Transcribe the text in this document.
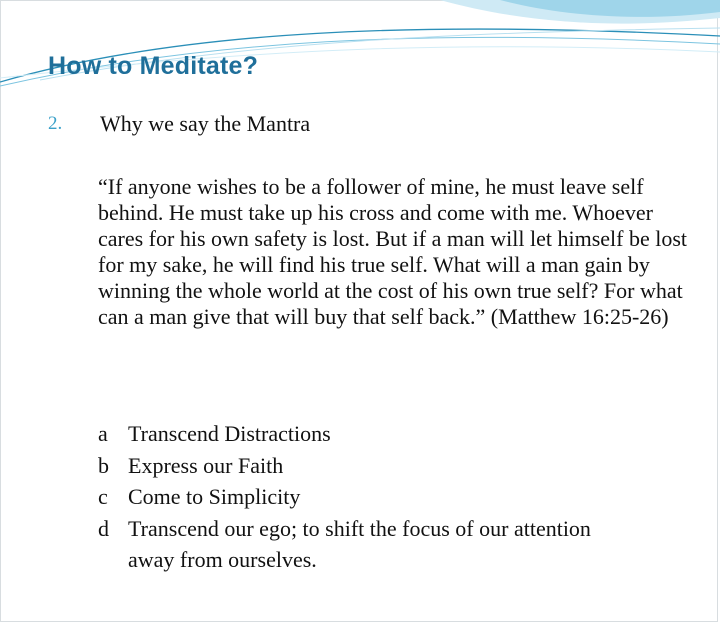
How to Meditate?
2. Why we say the Mantra

“If anyone wishes to be a follower of mine, he must leave self behind. He must take up his cross and come with me. Whoever cares for his own safety is lost. But if a man will let himself be lost for my sake, he will find his true self. What will a man gain by winning the whole world at the cost of his own true self? For what can a man give that will buy that self back.” (Matthew 16:25-26)

a Transcend Distractions
b Express our Faith
c Come to Simplicity
d Transcend our ego; to shift the focus of our attention away from ourselves.
